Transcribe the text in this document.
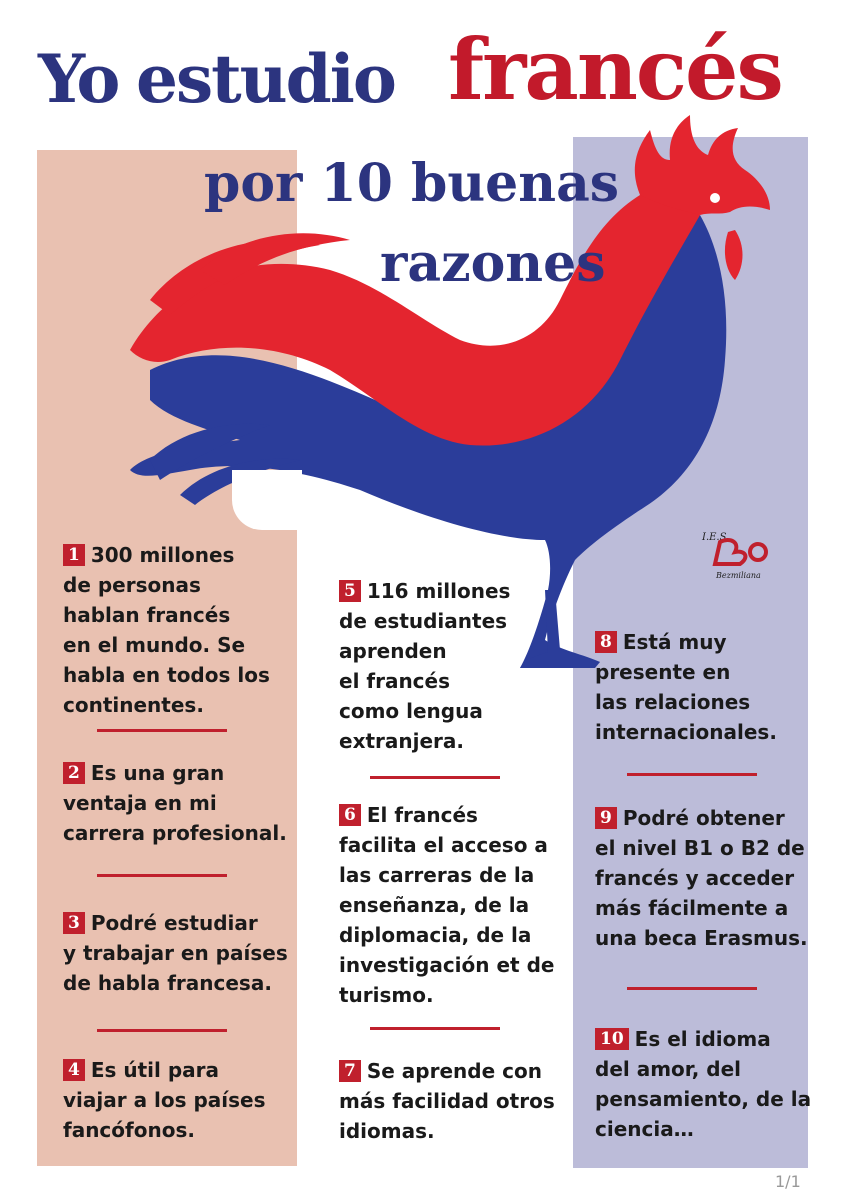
Yo estudio francés
por 10 buenas
razones
I.E.S.
Bezmiliana
1 300 millones
de personas
hablan francés
en el mundo. Se
habla en todos los
continentes.
2 Es una gran
ventaja en mi
carrera profesional.
3 Podré estudiar
y trabajar en países
de habla francesa.
4 Es útil para
viajar a los países
fancófonos.
5 116 millones
de estudiantes
aprenden
el francés
como lengua
extranjera.
6 El francés
facilita el acceso a
las carreras de la
enseñanza, de la
diplomacia, de la
investigación et de
turismo.
7 Se aprende con
más facilidad otros
idiomas.
8 Está muy
presente en
las relaciones
internacionales.
9 Podré obtener
el nivel B1 o B2 de
francés y acceder
más fácilmente a
una beca Erasmus.
10 Es el idioma
del amor, del
pensamiento, de la
ciencia…
1/1
